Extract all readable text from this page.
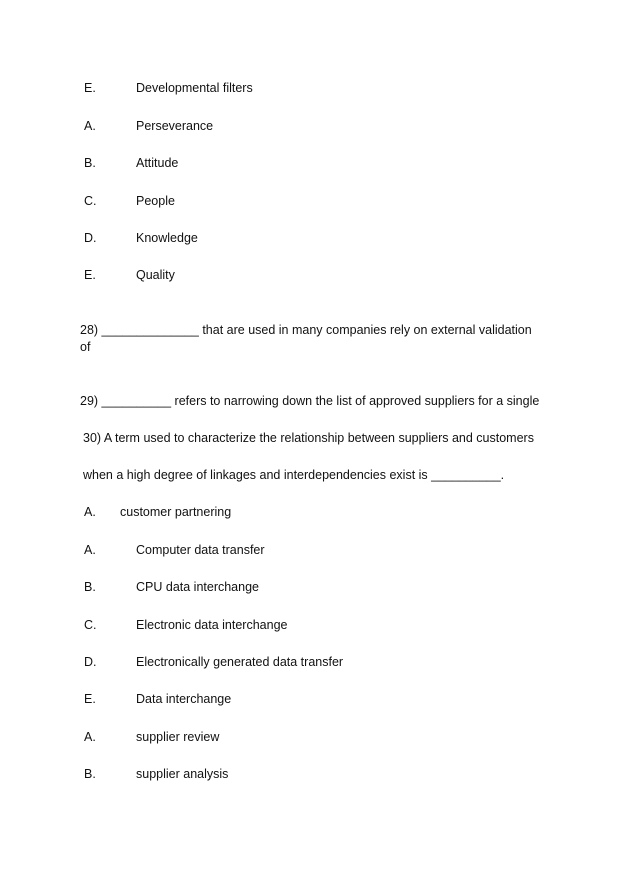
E.	Developmental filters
A.	Perseverance
B.	Attitude
C.	People
D.	Knowledge
E.	Quality
28) ______________ that are used in many companies rely on external validation
of
29) __________ refers to narrowing down the list of approved suppliers for a single
30) A term used to characterize the relationship between suppliers and customers
when a high degree of linkages and interdependencies exist is __________.
A.	customer partnering
A.	Computer data transfer
B.	CPU data interchange
C.	Electronic data interchange
D.	Electronically generated data transfer
E.	Data interchange
A.	supplier review
B.	supplier analysis
